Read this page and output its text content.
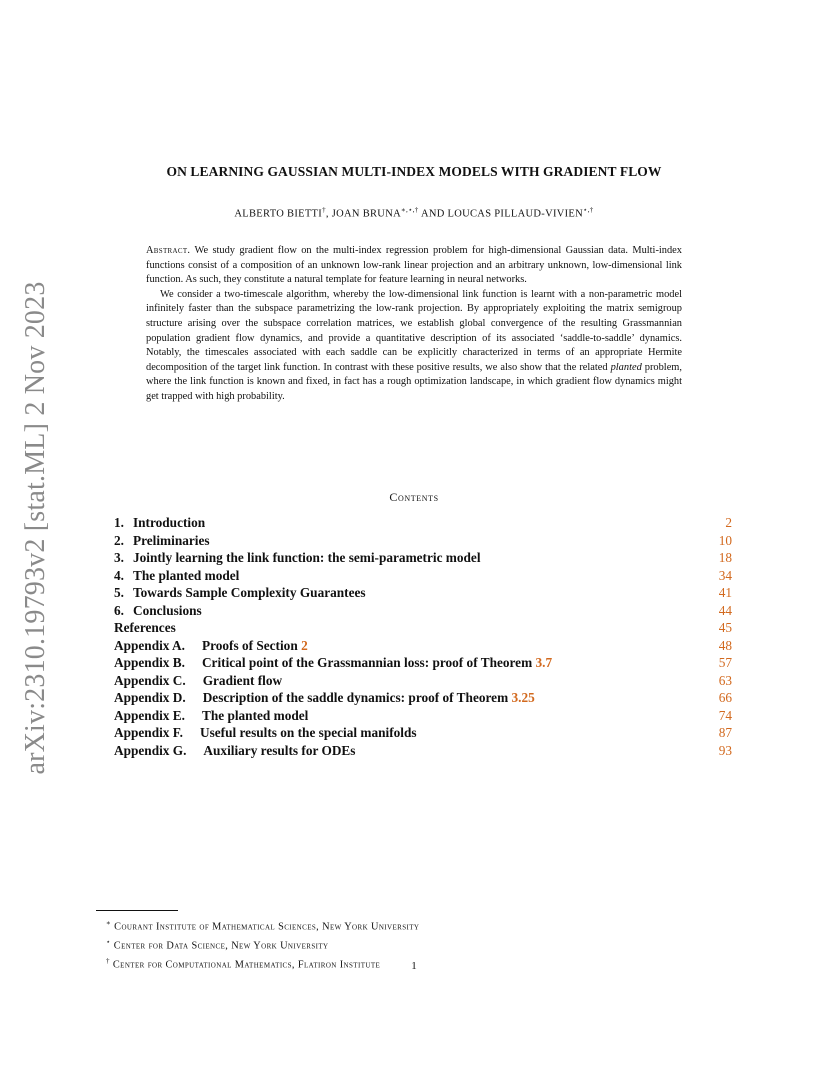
arXiv:2310.19793v2 [stat.ML] 2 Nov 2023
ON LEARNING GAUSSIAN MULTI-INDEX MODELS WITH GRADIENT FLOW
ALBERTO BIETTI†, JOAN BRUNA∗,⋆,† AND LOUCAS PILLAUD-VIVIEN⋆,†

Abstract. We study gradient flow on the multi-index regression problem for high-dimensional Gaussian data. Multi-index functions consist of a composition of an unknown low-rank linear projection and an arbitrary unknown, low-dimensional link function. As such, they constitute a natural template for feature learning in neural networks.

We consider a two-timescale algorithm, whereby the low-dimensional link function is learnt with a non-parametric model infinitely faster than the subspace parametrizing the low-rank projection. By appropriately exploiting the matrix semigroup structure arising over the subspace correlation matrices, we establish global convergence of the resulting Grassmannian population gradient flow dynamics, and provide a quantitative description of its associated ‘saddle-to-saddle’ dynamics. Notably, the timescales associated with each saddle can be explicitly characterized in terms of an appropriate Hermite decomposition of the target link function. In contrast with these positive results, we also show that the related planted problem, where the link function is known and fixed, in fact has a rough optimization landscape, in which gradient flow dynamics might get trapped with high probability.

Contents
1. Introduction	2
2. Preliminaries	10
3. Jointly learning the link function: the semi-parametric model	18
4. The planted model	34
5. Towards Sample Complexity Guarantees	41
6. Conclusions	44
References	45
Appendix A. Proofs of Section 2	48
Appendix B. Critical point of the Grassmannian loss: proof of Theorem 3.7	57
Appendix C. Gradient flow	63
Appendix D. Description of the saddle dynamics: proof of Theorem 3.25	66
Appendix E. The planted model	74
Appendix F. Useful results on the special manifolds	87
Appendix G. Auxiliary results for ODEs	93
∗ Courant Institute of Mathematical Sciences, New York University
⋆ Center for Data Science, New York University
† Center for Computational Mathematics, Flatiron Institute	1
